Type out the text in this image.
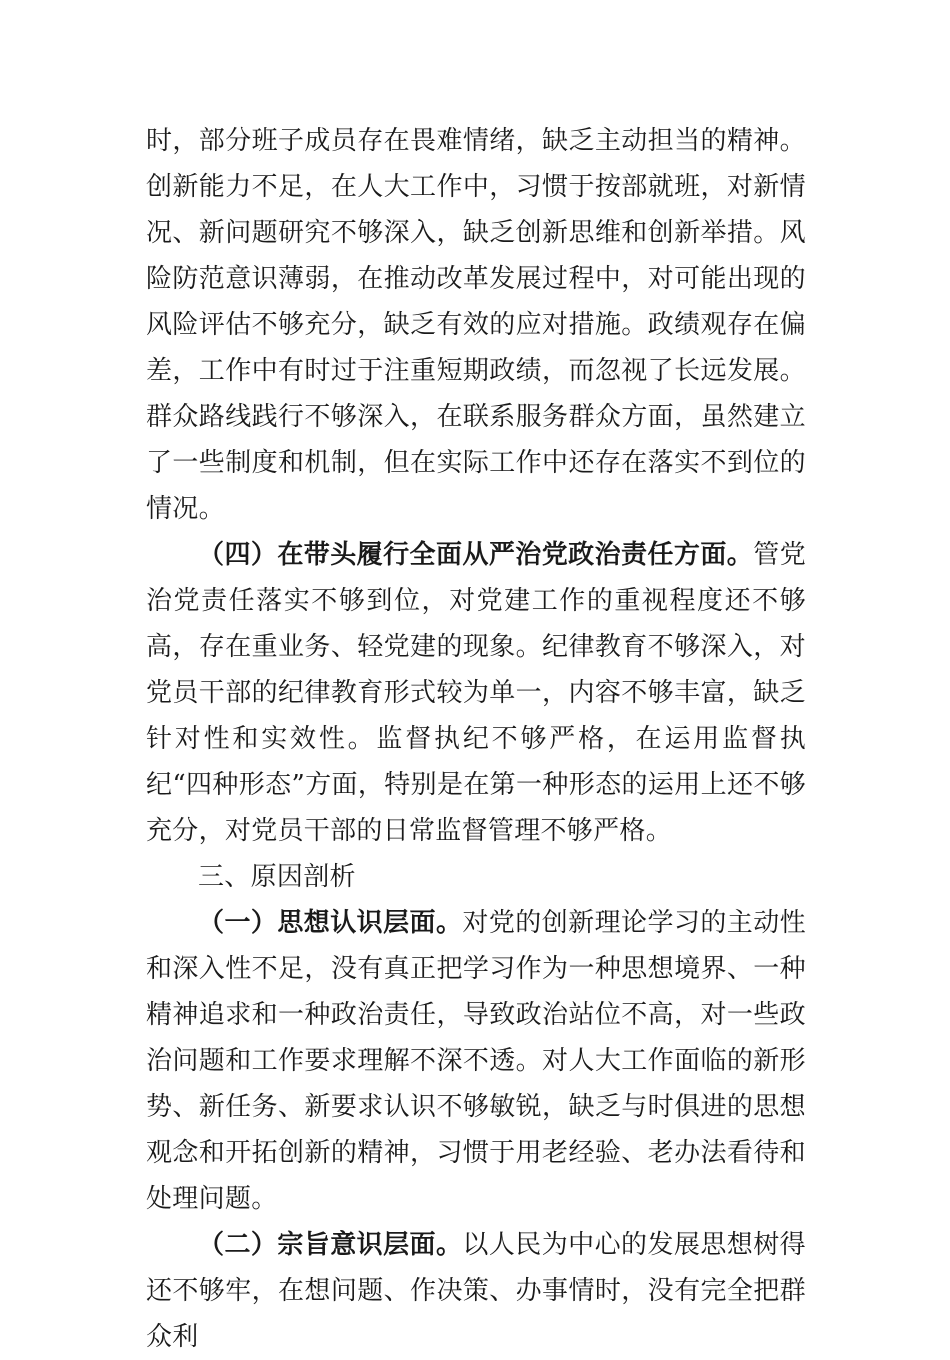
时，部分班子成员存在畏难情绪，缺乏主动担当的精神。创新能力不足，在人大工作中，习惯于按部就班，对新情况、新问题研究不够深入，缺乏创新思维和创新举措。风险防范意识薄弱，在推动改革发展过程中，对可能出现的风险评估不够充分，缺乏有效的应对措施。政绩观存在偏差，工作中有时过于注重短期政绩，而忽视了长远发展。群众路线践行不够深入，在联系服务群众方面，虽然建立了一些制度和机制，但在实际工作中还存在落实不到位的情况。

（四）在带头履行全面从严治党政治责任方面。管党治党责任落实不够到位，对党建工作的重视程度还不够高，存在重业务、轻党建的现象。纪律教育不够深入，对党员干部的纪律教育形式较为单一，内容不够丰富，缺乏针对性和实效性。监督执纪不够严格，在运用监督执纪“四种形态”方面，特别是在第一种形态的运用上还不够充分，对党员干部的日常监督管理不够严格。

三、原因剖析

（一）思想认识层面。对党的创新理论学习的主动性和深入性不足，没有真正把学习作为一种思想境界、一种精神追求和一种政治责任，导致政治站位不高，对一些政治问题和工作要求理解不深不透。对人大工作面临的新形势、新任务、新要求认识不够敏锐，缺乏与时俱进的思想观念和开拓创新的精神，习惯于用老经验、老办法看待和处理问题。

（二）宗旨意识层面。以人民为中心的发展思想树得还不够牢，在想问题、作决策、办事情时，没有完全把群众利
